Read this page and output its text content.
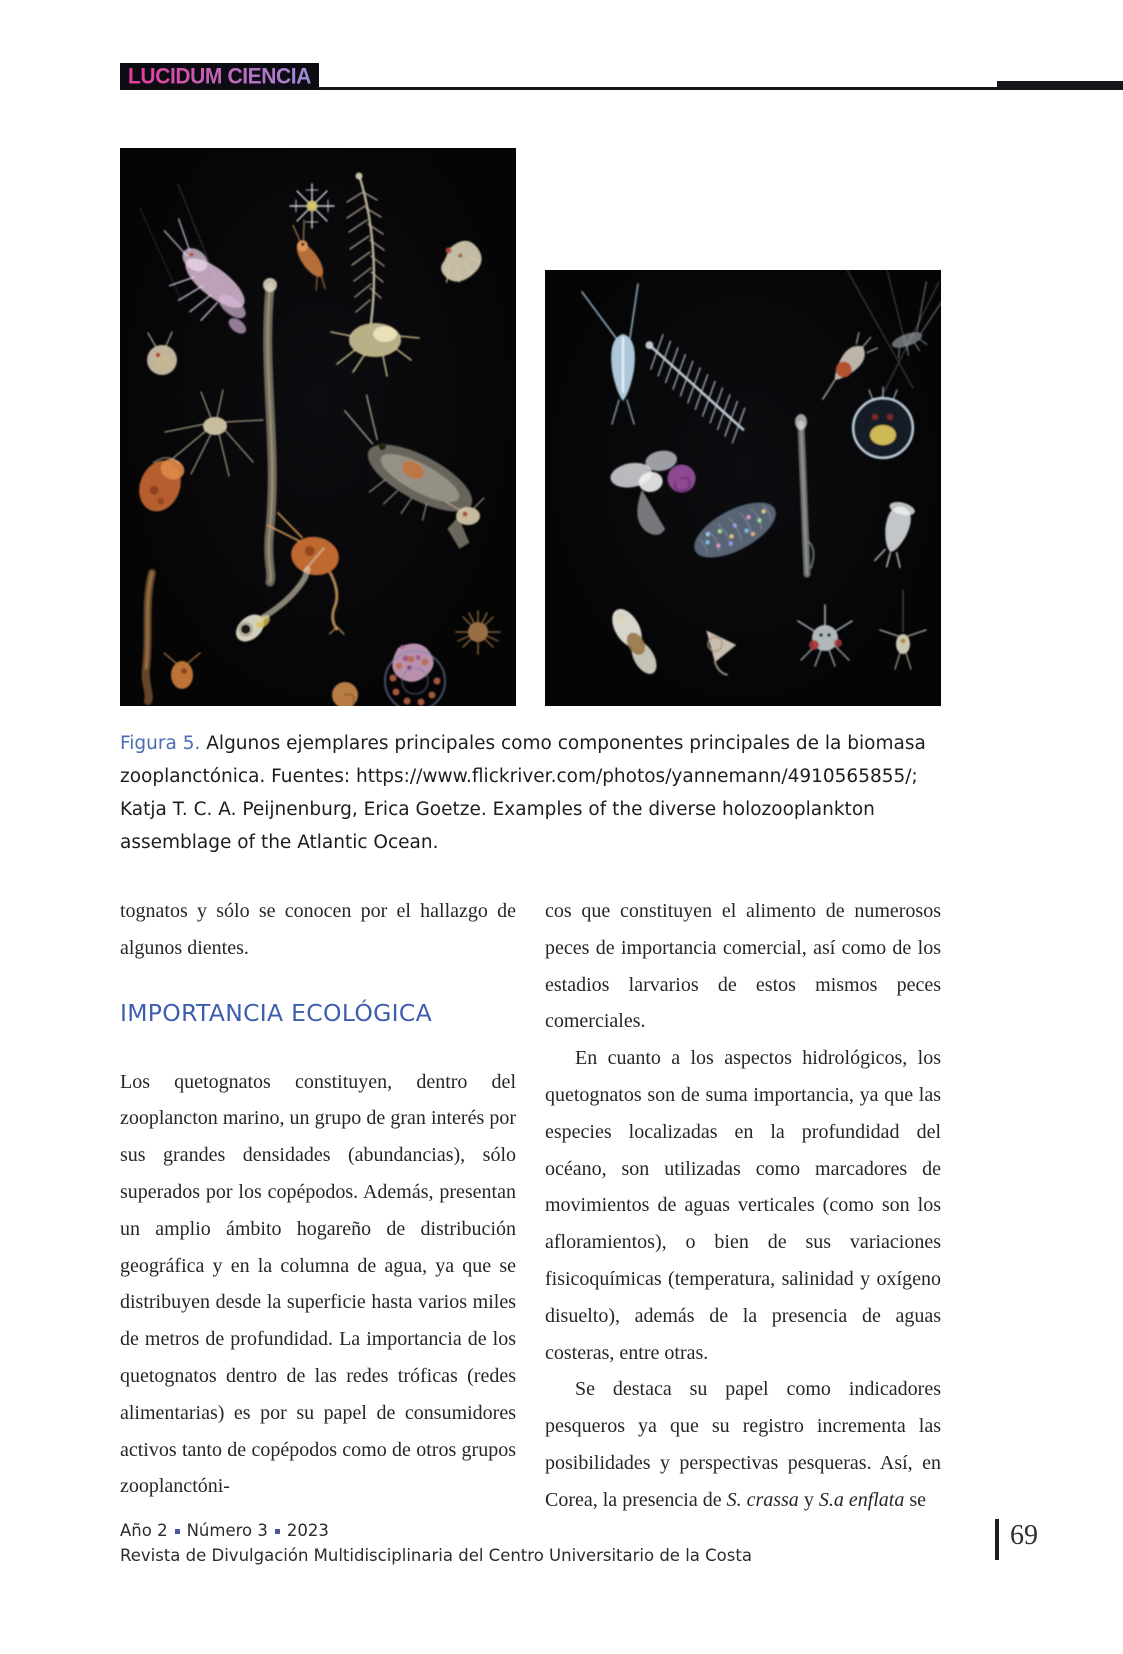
LUCIDUM CIENCIA
Figura 5. Algunos ejemplares principales como componentes principales de la biomasa zooplanctónica. Fuentes: https://www.flickriver.com/photos/yannemann/4910565855/; Katja T. C. A. Peijnenburg, Erica Goetze. Examples of the diverse holozooplankton assemblage of the Atlantic Ocean.

tognatos y sólo se conocen por el hallazgo de algunos dientes.

IMPORTANCIA ECOLÓGICA

Los quetognatos constituyen, dentro del zooplancton marino, un grupo de gran interés por sus grandes densidades (abundancias), sólo superados por los copépodos. Además, presentan un amplio ámbito hogareño de distribución geográfica y en la columna de agua, ya que se distribuyen desde la superficie hasta varios miles de metros de profundidad. La importancia de los quetognatos dentro de las redes tróficas (redes alimentarias) es por su papel de consumidores activos tanto de copépodos como de otros grupos zooplanctóni-

cos que constituyen el alimento de numerosos peces de importancia comercial, así como de los estadios larvarios de estos mismos peces comerciales.

En cuanto a los aspectos hidrológicos, los quetognatos son de suma importancia, ya que las especies localizadas en la profundidad del océano, son utilizadas como marcadores de movimientos de aguas verticales (como son los afloramientos), o bien de sus variaciones fisicoquímicas (temperatura, salinidad y oxígeno disuelto), además de la presencia de aguas costeras, entre otras.

Se destaca su papel como indicadores pesqueros ya que su registro incrementa las posibilidades y perspectivas pesqueras. Así, en Corea, la presencia de S. crassa y S.a enflata se

Año 2 Número 3 2023
Revista de Divulgación Multidisciplinaria del Centro Universitario de la Costa
69
